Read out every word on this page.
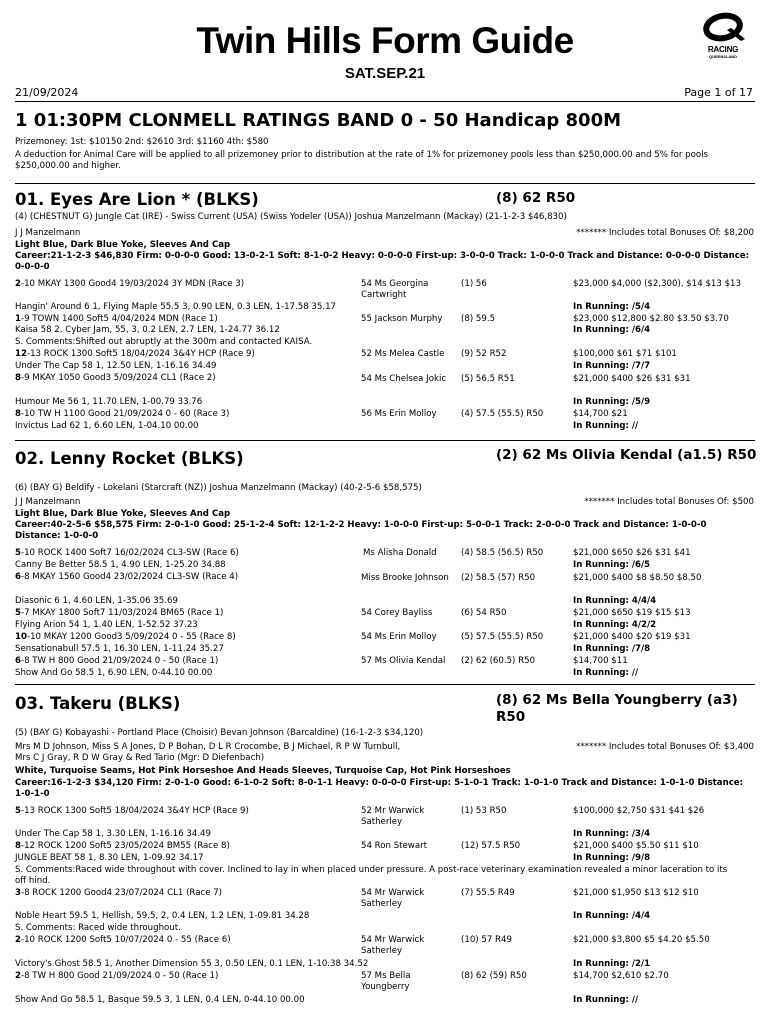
Twin Hills Form Guide	RACING
QUEENSLAND
SAT.SEP.21
21/09/2024	Page 1 of 17
1 01:30PM CLONMELL RATINGS BAND 0 - 50 Handicap 800M
Prizemoney: 1st: $10150 2nd: $2610 3rd: $1160 4th: $580
A deduction for Animal Care will be applied to all prizemoney prior to distribution at the rate of 1% for prizemoney pools less than $250,000.00 and 5% for pools $250,000.00 and higher.
01. Eyes Are Lion * (BLKS)	(8) 62 R50
(4) (CHESTNUT G) Jungle Cat (IRE) - Swiss Current (USA) (Swiss Yodeler (USA)) Joshua Manzelmann (Mackay) (21-1-2-3 $46,830)
J J Manzelmann	******* Includes total Bonuses Of: $8,200
Light Blue, Dark Blue Yoke, Sleeves And Cap
Career:21-1-2-3 $46,830 Firm: 0-0-0-0 Good: 13-0-2-1 Soft: 8-1-0-2 Heavy: 0-0-0-0 First-up: 3-0-0-0 Track: 1-0-0-0 Track and Distance: 0-0-0-0 Distance: 0-0-0-0
2-10 MKAY 1300 Good4 19/03/2024 3Y MDN (Race 3)	54 Ms Georgina Cartwright
(1) 56	$23,000 $4,000 ($2,300), $14 $13 $13
Hangin' Around 6 1, Flying Maple 55.5 3, 0.90 LEN, 0.3 LEN, 1-17.58 35.17	In Running: /5/4
1-9 TOWN 1400 Soft5 4/04/2024 MDN (Race 1)	55 Jackson Murphy (8) 59.5	$23,000 $12,800 $2.80 $3.50 $3.70
Kaisa 58 2, Cyber Jam, 55, 3, 0.2 LEN, 2.7 LEN, 1-24.77 36.12	In Running: /6/4
S. Comments:Shifted out abruptly at the 300m and contacted KAISA.
12-13 ROCK 1300 Soft5 18/04/2024 3&4Y HCP (Race 9)	52 Ms Melea Castle (9) 52 R52	$100,000 $61 $71 $101
Under The Cap 58 1, 12.50 LEN, 1-16.16 34.49	In Running: /7/7
8-9 MKAY 1050 Good3 5/09/2024 CL1 (Race 2)	54 Ms Chelsea Jokic	(5) 56.5 R51	$21,000 $400 $26 $31 $31
Humour Me 56 1, 11.70 LEN, 1-00.79 33.76	In Running: /5/9
8-10 TW H 1100 Good 21/09/2024 0 - 60 (Race 3)	56 Ms Erin Molloy	(4) 57.5 (55.5) R50	$14,700 $21
Invictus Lad 62 1, 6.60 LEN, 1-04.10 00.00	In Running: //
02. Lenny Rocket (BLKS)	(2) 62 Ms Olivia Kendal (a1.5) R50
(6) (BAY G) Beldify - Lokelani (Starcraft (NZ)) Joshua Manzelmann (Mackay) (40-2-5-6 $58,575)
J J Manzelmann	******* Includes total Bonuses Of: $500
Light Blue, Dark Blue Yoke, Sleeves And Cap
Career:40-2-5-6 $58,575 Firm: 2-0-1-0 Good: 25-1-2-4 Soft: 12-1-2-2 Heavy: 1-0-0-0 First-up: 5-0-0-1 Track: 2-0-0-0 Track and Distance: 1-0-0-0 Distance: 1-0-0-0
5-10 ROCK 1400 Soft7 16/02/2024 CL3-SW (Race 6)	Ms Alisha Donald	(4) 58.5 (56.5) R50	$21,000 $650 $26 $31 $41
Canny Be Better 58.5 1, 4.90 LEN, 1-25.20 34.88	In Running: /6/5
6-8 MKAY 1560 Good4 23/02/2024 CL3-SW (Race 4)	Miss Brooke Johnson	(2) 58.5 (57) R50	$21,000 $400 $8 $8.50 $8.50
Diasonic 6 1, 4.60 LEN, 1-35.06 35.69	In Running: 4/4/4
5-7 MKAY 1800 Soft7 11/03/2024 BM65 (Race 1)	54 Corey Bayliss	(6) 54 R50	$21,000 $650 $19 $15 $13
Flying Arion 54 1, 1.40 LEN, 1-52.52 37.23	In Running: 4/2/2
10-10 MKAY 1200 Good3 5/09/2024 0 - 55 (Race 8)	54 Ms Erin Molloy	(5) 57.5 (55.5) R50	$21,000 $400 $20 $19 $31
Sensationabull 57.5 1, 16.30 LEN, 1-11.24 35.27	In Running: /7/8
6-8 TW H 800 Good 21/09/2024 0 - 50 (Race 1)	57 Ms Olivia Kendal (2) 62 (60.5) R50	$14,700 $11
Show And Go 58.5 1, 6.90 LEN, 0-44.10 00.00	In Running: //
03. Takeru (BLKS)	(8) 62 Ms Bella Youngberry (a3) R50
(5) (BAY G) Kobayashi - Portland Place (Choisir) Bevan Johnson (Barcaldine) (16-1-2-3 $34,120)
Mrs M D Johnson, Miss S A Jones, D P Bohan, D L R Crocombe, B J Michael, R P W Turnbull, Mrs C J Gray, R D W Gray & Red Tario (Mgr: D Diefenbach)
******* Includes total Bonuses Of: $3,400
White, Turquoise Seams, Hot Pink Horseshoe And Heads Sleeves, Turquoise Cap, Hot Pink Horseshoes
Career:16-1-2-3 $34,120 Firm: 2-0-1-0 Good: 6-1-0-2 Soft: 8-0-1-1 Heavy: 0-0-0-0 First-up: 5-1-0-1 Track: 1-0-1-0 Track and Distance: 1-0-1-0 Distance: 1-0-1-0
5-13 ROCK 1300 Soft5 18/04/2024 3&4Y HCP (Race 9)	52 Mr Warwick Satherley
(1) 53 R50	$100,000 $2,750 $31 $41 $26
Under The Cap 58 1, 3.30 LEN, 1-16.16 34.49	In Running: /3/4
8-12 ROCK 1200 Soft5 23/05/2024 BM55 (Race 8)	54 Ron Stewart	(12) 57.5 R50	$21,000 $400 $5.50 $11 $10
JUNGLE BEAT 58 1, 8.30 LEN, 1-09.92 34.17	In Running: /9/8
S. Comments:Raced wide throughout with cover. Inclined to lay in when placed under pressure. A post-race veterinary examination revealed a minor laceration to its off hind.
3-8 ROCK 1200 Good4 23/07/2024 CL1 (Race 7)	54 Mr Warwick Satherley
(7) 55.5 R49	$21,000 $1,950 $13 $12 $10
Noble Heart 59.5 1, Hellish, 59.5, 2, 0.4 LEN, 1.2 LEN, 1-09.81 34.28	In Running: /4/4
S. Comments: Raced wide throughout.
2-10 ROCK 1200 Soft5 10/07/2024 0 - 55 (Race 6)	54 Mr Warwick Satherley
(10) 57 R49	$21,000 $3,800 $5 $4.20 $5.50
Victory's Ghost 58.5 1, Another Dimension 55 3, 0.50 LEN, 0.1 LEN, 1-10.38 34.52	In Running: /2/1
2-8 TW H 800 Good 21/09/2024 0 - 50 (Race 1)	57 Ms Bella Youngberry
(8) 62 (59) R50	$14,700 $2,610 $2.70
Show And Go 58.5 1, Basque 59.5 3, 1 LEN, 0.4 LEN, 0-44.10 00.00	In Running: //
